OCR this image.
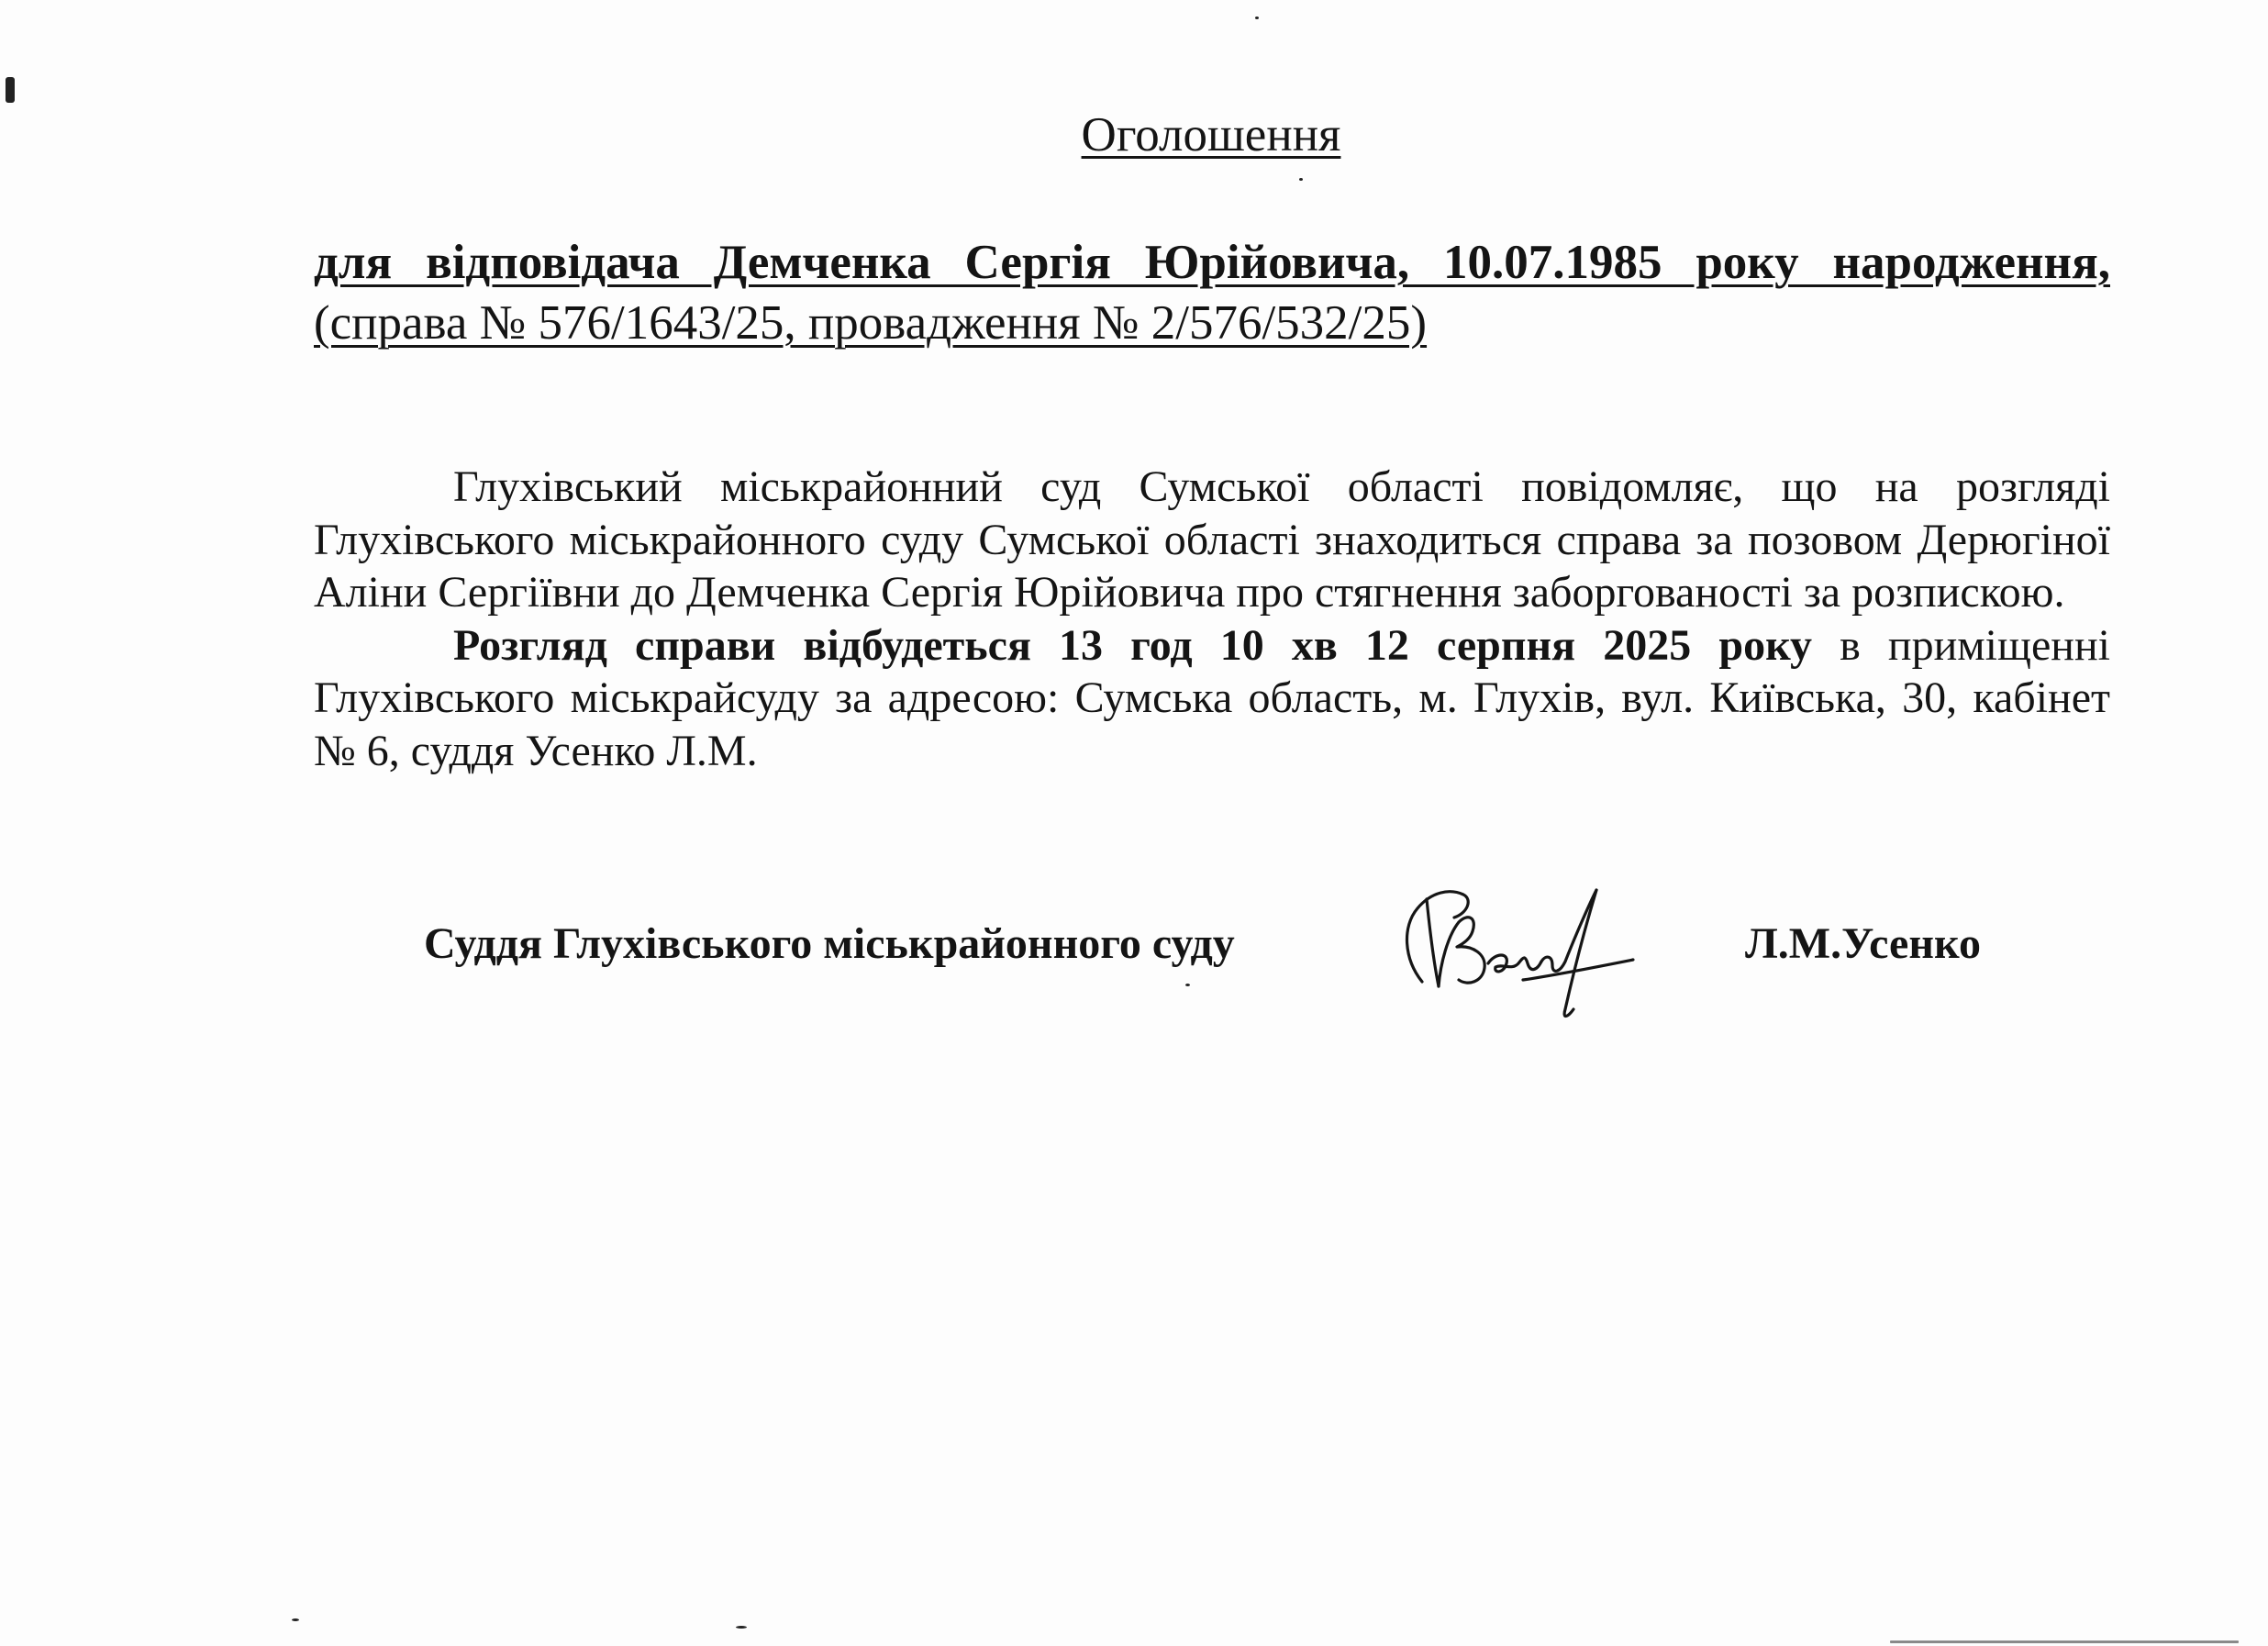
Оголошення

для відповідача Демченка Сергія Юрійовича, 10.07.1985 року народження, (справа № 576/1643/25, провадження № 2/576/532/25)

Глухівський міськрайонний суд Сумської області повідомляє, що на розгляді Глухівського міськрайонного суду Сумської області знаходиться справа за позовом Дерюгіної Аліни Сергіївни до Демченка Сергія Юрійовича про стягнення заборгованості за розпискою.

Розгляд справи відбудеться 13 год 10 хв 12 серпня 2025 року в приміщенні Глухівського міськрайсуду за адресою: Сумська область, м. Глухів, вул. Київська, 30, кабінет № 6, суддя Усенко Л.М.

Суддя Глухівського міськрайонного суду	Л.М.Усенко
